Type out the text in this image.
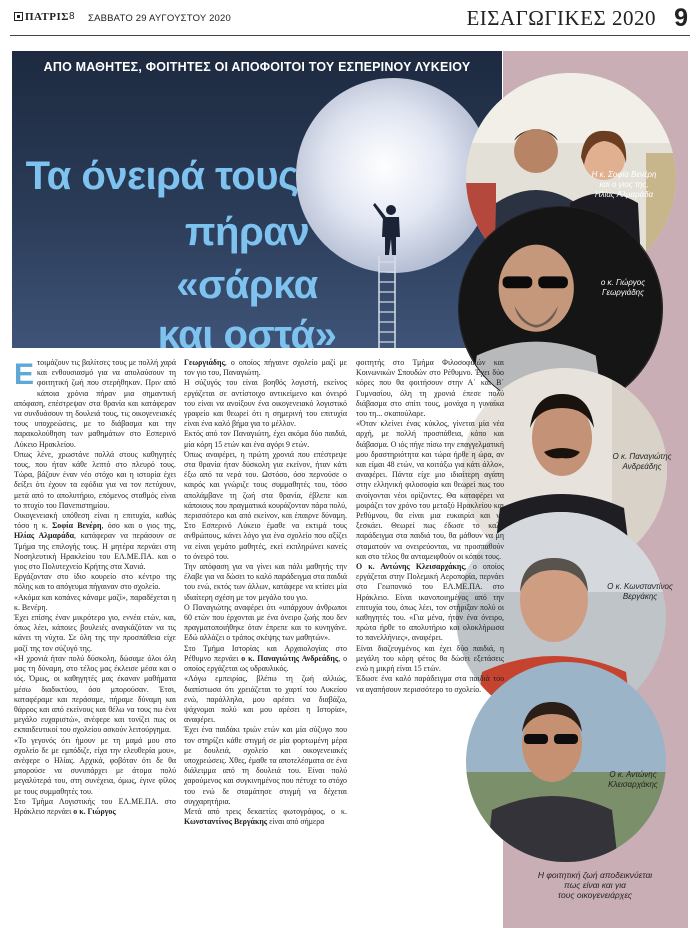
ΠΑΤΡΙΣ 8 ΣΑΒΒΑΤΟ 29 ΑΥΓΟΥΣΤΟΥ 2020	ΕΙΣΑΓΩΓΙΚΕΣ 2020 9
ΑΠΟ ΜΑΘΗΤΕΣ, ΦΟΙΤΗΤΕΣ ΟΙ ΑΠΟΦΟΙΤΟΙ ΤΟΥ ΕΣΠΕΡΙΝΟΥ ΛΥΚΕΙΟΥ
Τα όνειρά τους
πήραν
«σάρκα
και οστά»
Η κ. Σοφία Βενέρη
και ο γιος της,
Ηλίας Αλμαράδα
ο κ. Γιώργος
Γεωργιάδης
Ο κ. Παναγιώτης
Ανδρεάδης
Ο κ. Κωνσταντίνος
Βεργάκης
Ο κ. Αντώνης
Κλεισαρχάκης
Η φοιτητική ζωή αποδεικνύεται
πως είναι και για
τους οικογενειάρχες

Ετοιμάζουν τις βαλίτσες τους με πολλή χαρά και ενθουσιασμό για να απολαύσουν τη φοιτητική ζωή που στερήθηκαν. Πριν από κάποια χρόνια πήραν μια σημαντική απόφαση, επέστρεψαν στα θρανία και κατάφεραν να συνδυάσουν τη δουλειά τους, τις οικογενειακές τους υποχρεώσεις, με το διάβασμα και την παρακολούθηση των μαθημάτων στο Εσπερινό Λύκειο Ηρακλείου.

Όπως λένε, χρωστάνε πολλά στους καθηγητές τους, που ήταν κάθε λεπτό στο πλευρό τους. Τώρα, βάζουν έναν νέο στόχο και η ιστορία έχει δείξει ότι έχουν τα εφόδια για να τον πετύχουν, μετά από το απολυτήριο, επόμενος σταθμός είναι το πτυχίο του Πανεπιστημίου.

Οικογενειακή υπόθεση είναι η επιτυχία, καθώς τόσο η κ. Σοφία Βενέρη, όσο και ο γιος της, Ηλίας Αλμαράδα, κατάφεραν να περάσουν σε Τμήμα της επιλογής τους. Η μητέρα περνάει στη Νοσηλευτική Ηρακλείου του ΕΛ.ΜΕ.ΠΑ. και ο γιος στο Πολυτεχνείο Κρήτης στα Χανιά.

Εργάζονταν στο ίδιο κουρείο στο κέντρο της πόλης και το απόγευμα πήγαιναν στο σχολείο.

«Ακόμα και κοπάνες κάναμε μαζί», παραδέχεται η κ. Βενέρη.

Έχει επίσης έναν μικρότερο γιο, εννέα ετών, και, όπως λέει, κάποιες βουλειές αναγκάζόταν να τις κάνει τη νύχτα. Σε όλη της την προσπάθεια είχε μαζί της τον σύζυγό της.

«Η χρονιά ήταν πολύ δύσκολη, δώσαμε όλοι όλη μας τη δύναμη, στο τέλος μας έκλεισε μέσα και ο ιός. Όμως, οι καθηγητές μας έκαναν μαθήματα μέσω διαδικτύου, όσο μπορούσαν. Έτσι, καταφέραμε και περάσαμε, πήραμε δύναμη και θάρρος και από εκείνους και θέλω να τους πω ένα μεγάλο ευχαριστώ», ανέφερε και τονίζει πως οι εκπαιδευτικοί του σχολείου ασκούν λειτούργημα.

«Το γεγονός ότι ήμουν με τη μαμά μου στο σχολείο δε με εμπόδιζε, είχα την ελευθερία μου», ανέφερε ο Ηλίας. Αρχικά, φοβόταν ότι δε θα μπορούσε να συνυπάρχει με άτομα πολύ μεγαλύτερά του, στη συνέχεια, όμως, έγινε φίλος με τους συμμαθητές του.

Στο Τμήμα Λογιστικής του ΕΛ.ΜΕ.ΠΑ. στο Ηράκλειο περνάει ο κ. Γιώργος

Γεωργιάδης, ο οποίος πήγαινε σχολείο μαζί με τον γιο του, Παναγιώτη.

Η σύζυγός του είναι βοηθός λογιστή, εκείνος εργάζεται σε αντίστοιχο αντικείμενο και όνειρό του είναι να ανοίξουν ένα οικογενειακό λογιστικό γραφείο και θεωρεί ότι η σημερινή του επιτυχία είναι ένα καλό βήμα για το μέλλον.

Εκτός από τον Παναγιώτη, έχει ακόμα δύο παιδιά, μία κόρη 15 ετών και ένα αγόρι 9 ετών.

Όπως αναφέρει, η πρώτη χρονιά που επέστρεψε στα θρανία ήταν δύσκολη για εκείνον, ήταν κάτι έξω από τα νερά του. Ωστόσο, όσο περνούσε ο καιρός και γνώριζε τους συμμαθητές του, τόσο απολάμβανε τη ζωή στα θρανία, έβλεπε και κάποιους που πραγματικά κουράζονταν πάρα πολύ, περισσότερο και από εκείνον, και έπαιρνε δύναμη. Στο Εσπερινό Λύκειο έμαθε να εκτιμά τους ανθρώπους, κάνει λόγο για ένα σχολείο που αξίζει να είναι γεμάτο μαθητές, εκεί εκπληρώνει κανείς το όνειρό του.

Την απόφαση για να γίνει και πάλι μαθητής την έλαβε για να δώσει το καλό παράδειγμα στα παιδιά του ενώ, εκτός των άλλων, κατάφερε να κτίσει μία ιδιαίτερη σχέση με τον μεγάλο του γιο.

Ο Παναγιώτης αναφέρει ότι «υπάρχουν άνθρωποι 60 ετών που έρχονται με ένα όνειρο ζωής που δεν πραγματοποιήθηκε όταν έπρεπε και το κυνηγάνε. Εδώ αλλάζει ο τρόπος σκέψης των μαθητών».

Στο Τμήμα Ιστορίας και Αρχαιολογίας στο Ρέθυμνο περνάει ο κ. Παναγιώτης Ανδρεάδης, ο οποίος εργάζεται ως υδραυλικός.

«Λόγω εμπειρίας, βλέπω τη ζωή αλλιώς, διαπίστωσα ότι χρειάζεται το χαρτί του Λυκείου ενώ, παράλληλα, μου αρέσει να διαβάζω, ψάχνομαι πολύ και μου αρέσει η Ιστορία», αναφέρει.

Έχει ένα παιδάκι τριών ετών και μία σύζυγο που τον στηρίζει κάθε στιγμή σε μία φορτωμένη μέρα με δουλειά, σχολείο και οικογενειακές υποχρεώσεις. Χθες, έμαθε τα αποτελέσματα σε ένα διάλειμμα από τη δουλειά του. Είναι πολύ χαρούμενος και συγκινημένος που πέτυχε το στόχο του ενώ δε σταμάτησε στιγμή να δέχεται συγχαρητήρια.

Μετά από τρεις δεκαετίες φωτογράφος, ο κ. Κωνσταντίνος Βεργάκης είναι από σήμερα

φοιτητής στο Τμήμα Φιλοσοφικών και Κοινωνικών Σπουδών στο Ρέθυμνο. Έχει δύο κόρες που θα φοιτήσουν στην Α΄ και Β΄ Γυμνασίου, όλη τη χρονιά έπεσε πολύ διάβασμα στο σπίτι τους, μονάχα η γυναίκα του τη... σκαπούλαρε.

«Όταν κλείνει ένας κύκλος, γίνεται μία νέα αρχή, με πολλή προσπάθεια, κόπο και διάβασμα. Ο ιός πήγε πίσω την επαγγελματική μου δραστηριότητα και τώρα ήρθε η ώρα, αν και είμαι 48 ετών, να κοιτάξω για κάτι άλλο», αναφέρει. Πάντα είχε μιο ιδιαίτερη αγάπη στην ελληνική φιλοσοφία και θεωρεί πως του ανοίγονται νέοι ορίζοντες. Θα καταφέρει να μοιράζει τον χρόνο του μεταξύ Ηρακλείου και Ρεθύμνου, θα είναι μια ευκαιρία και να ξεσκάει. Θεωρεί πως έδωσε το καλό παράδειγμα στα παιδιά του, θα μάθουν να μη σταματούν να ονειρεύονται, να προσπαθούν και στο τέλος θα ανταμειφθούν οι κόποι τους.

Ο κ. Αντώνης Κλεισαρχάκης, ο οποίος εργάζεται στην Πολεμική Αεροπορία, περνάει στο Γεωπονικό του ΕΛ.ΜΕ.ΠΑ. στο Ηράκλειο. Είναι ικανοποιημένος από την επιτυχία του, όπως λέει, τον στήριξαν πολύ οι καθηγητές του. «Για μένα, ήταν ένα όνειρο, πρώτα ήρθε το απολυτήριο και ολοκλήρωσα το πανελλήνιες», αναφέρει.

Είναι διαζευγμένος και έχει δύο παιδιά, η μεγάλη του κόρη φέτος θα δώσει εξετάσεις ενώ η μικρή είναι 15 ετών.

Έδωσε ένα καλό παράδειγμα στα παιδιά του να αγαπήσουν περισσότερο το σχολείο.
